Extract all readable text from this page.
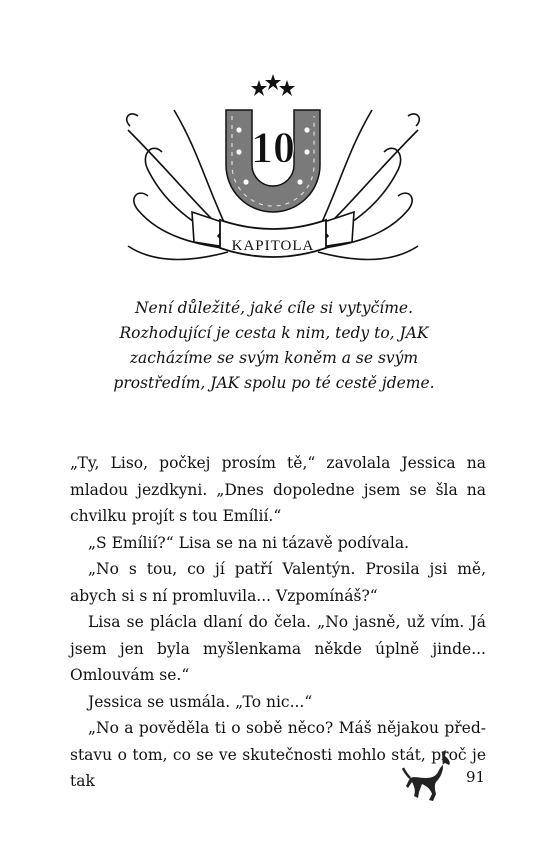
10
KAPITOLA
Není důležité, jaké cíle si vytyčíme.
Rozhodující je cesta k nim, tedy to, JAK
zacházíme se svým koněm a se svým
prostředím, JAK spolu po té cestě jdeme.
„Ty, Liso, počkej prosím tě,“ zavolala Jessica na mladou jezdkyni. „Dnes dopoledne jsem se šla na chvilku projít s tou Emílií.“
„S Emílií?“ Lisa se na ni tázavě podívala.
„No s tou, co jí patří Valentýn. Prosila jsi mě, abych si s ní promluvila... Vzpomínáš?“
Lisa se plácla dlaní do čela. „No jasně, už vím. Já jsem jen byla myšlenkama někde úplně jinde... Omlouvám se.“
Jessica se usmála. „To nic...“
„No a pověděla ti o sobě něco? Máš nějakou představu o tom, co se ve skutečnosti mohlo stát, proč je tak	91
